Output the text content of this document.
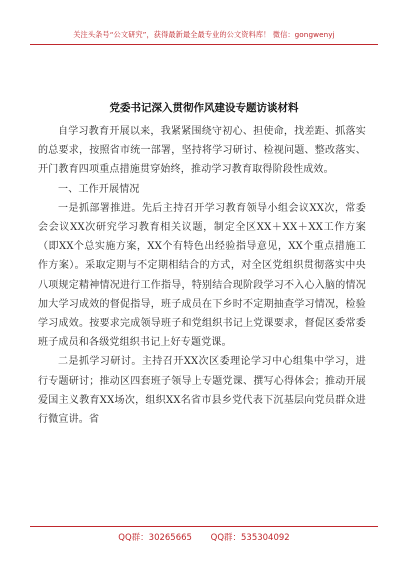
关注头条号“公文研究”，获得最新最全最专业的公文资料库！ 微信：gongwenyj
党委书记深入贯彻作风建设专题访谈材料

自学习教育开展以来，我紧紧围绕守初心、担使命，找差距、抓落实的总要求，按照省市统一部署，坚持将学习研讨、检视问题、整改落实、开门教育四项重点措施贯穿始终，推动学习教育取得阶段性成效。

一、工作开展情况

一是抓部署推进。先后主持召开学习教育领导小组会议XX次，常委会会议XX次研究学习教育相关议题，制定全区XX＋XX＋XX工作方案（即XX个总实施方案，XX个有特色出经验指导意见，XX个重点措施工作方案）。采取定期与不定期相结合的方式，对全区党组织贯彻落实中央八项规定精神情况进行工作指导，特别结合现阶段学习不入心入脑的情况加大学习成效的督促指导，班子成员在下乡时不定期抽查学习情况，检验学习成效。按要求完成领导班子和党组织书记上党课要求，督促区委常委班子成员和各级党组织书记上好专题党课。

二是抓学习研讨。主持召开XX次区委理论学习中心组集中学习，进行专题研讨；推动区四套班子领导上专题党课、撰写心得体会；推动开展爱国主义教育XX场次，组织XX名省市县乡党代表下沉基层向党员群众进行微宣讲。省

QQ群：30265665 QQ群：535304092
